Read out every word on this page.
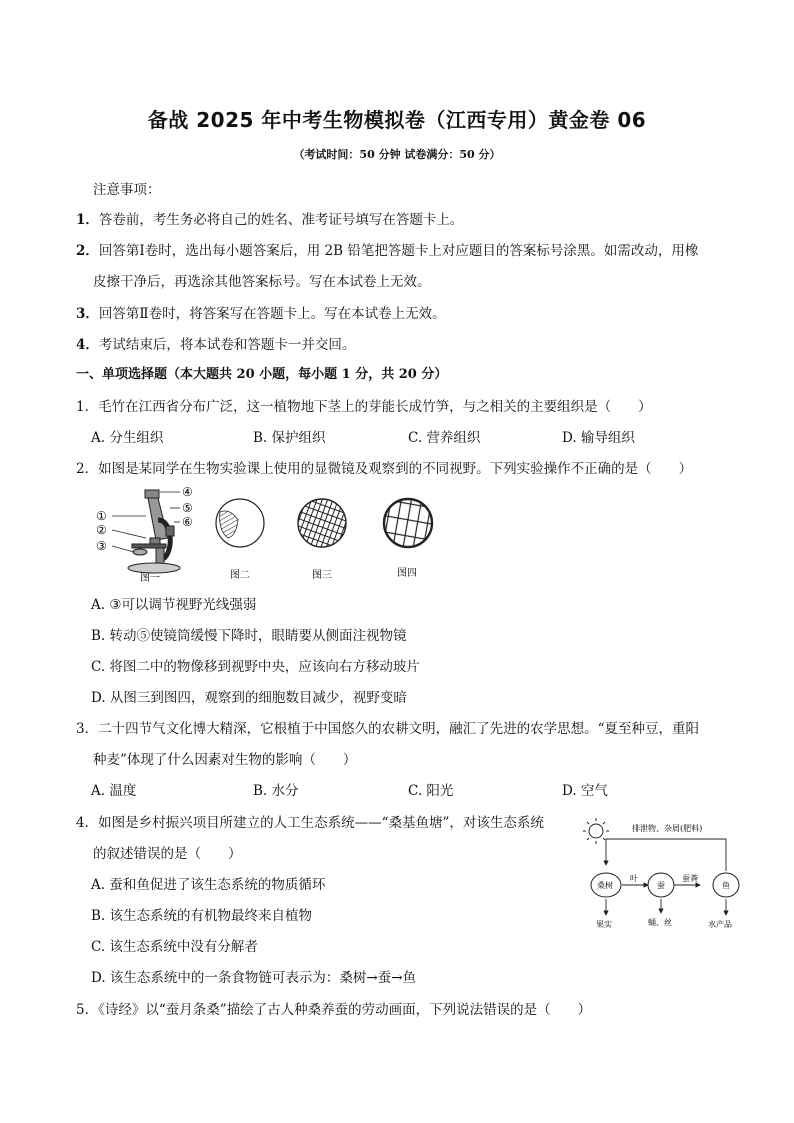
备战 2025 年中考生物模拟卷（江西专用）黄金卷 06
（考试时间：50 分钟 试卷满分：50 分）
注意事项：
1．答卷前，考生务必将自己的姓名、准考证号填写在答题卡上。
2．回答第Ⅰ卷时，选出每小题答案后，用 2B 铅笔把答题卡上对应题目的答案标号涂黑。如需改动，用橡
皮擦干净后，再选涂其他答案标号。写在本试卷上无效。
3．回答第Ⅱ卷时，将答案写在答题卡上。写在本试卷上无效。
4．考试结束后，将本试卷和答题卡一并交回。
一、单项选择题（本大题共 20 小题，每小题 1 分，共 20 分）
1．毛竹在江西省分布广泛，这一植物地下茎上的芽能长成竹笋，与之相关的主要组织是（　　）
A. 分生组织	B. 保护组织	C. 营养组织	D. 输导组织
2．如图是某同学在生物实验课上使用的显微镜及观察到的不同视野。下列实验操作不正确的是（　　）
④
⑤
⑥
①
②
③
图一	图二	图三	图四
A. ③可以调节视野光线强弱
B. 转动⑤使镜筒缓慢下降时，眼睛要从侧面注视物镜
C. 将图二中的物像移到视野中央，应该向右方移动玻片
D. 从图三到图四，观察到的细胞数目减少，视野变暗
3．二十四节气文化博大精深，它根植于中国悠久的农耕文明，融汇了先进的农学思想。“夏至种豆，重阳
种麦”体现了什么因素对生物的影响（　　）
A. 温度	B. 水分	C. 阳光	D. 空气
4．如图是乡村振兴项目所建立的人工生态系统——“桑基鱼塘”，对该生态系统
的叙述错误的是（　　）
A. 蚕和鱼促进了该生态系统的物质循环
B. 该生态系统的有机物最终来自植物
C. 该生态系统中没有分解者
D. 该生态系统中的一条食物链可表示为：桑树→蚕→鱼
排泄物、杂屑(肥料)
桑树	蚕	鱼
叶	蚕粪
果实	蛹、丝	水产品
5．《诗经》以“蚕月条桑”描绘了古人种桑养蚕的劳动画面，下列说法错误的是（　　）
